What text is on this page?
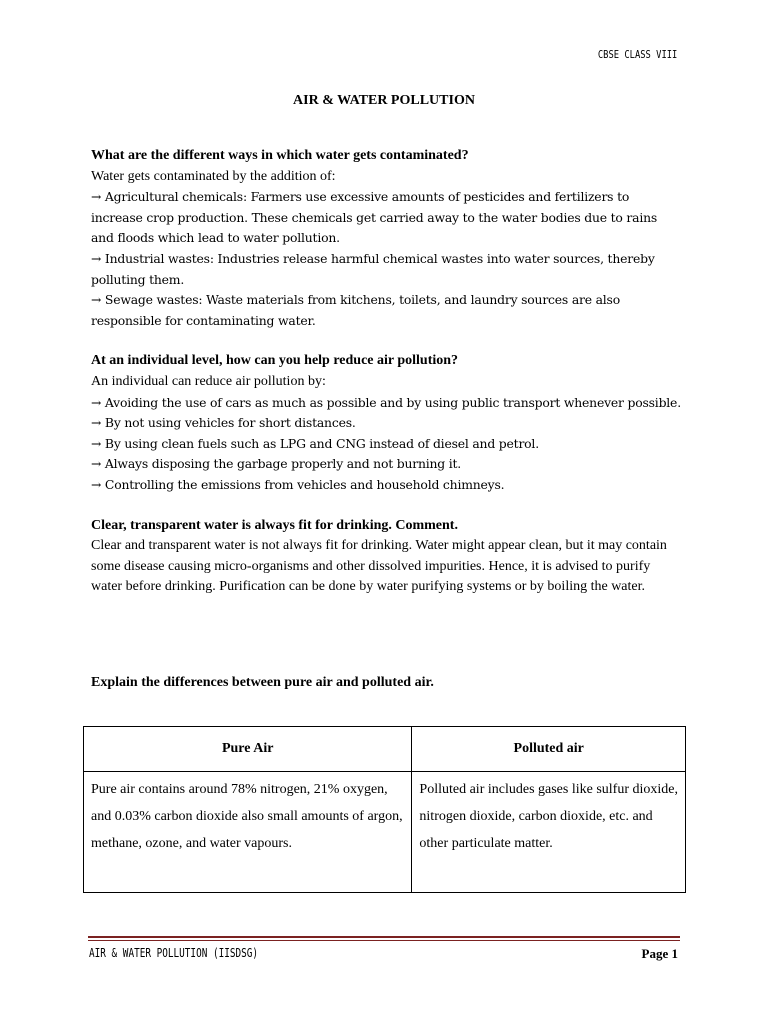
CBSE CLASS VIII
AIR & WATER POLLUTION

What are the different ways in which water gets contaminated?

Water gets contaminated by the addition of:

→ Agricultural chemicals: Farmers use excessive amounts of pesticides and fertilizers to increase crop production. These chemicals get carried away to the water bodies due to rains and floods which lead to water pollution.

→ Industrial wastes: Industries release harmful chemical wastes into water sources, thereby polluting them.

→ Sewage wastes: Waste materials from kitchens, toilets, and laundry sources are also responsible for contaminating water.

At an individual level, how can you help reduce air pollution?

An individual can reduce air pollution by:

→ Avoiding the use of cars as much as possible and by using public transport whenever possible.

→ By not using vehicles for short distances.

→ By using clean fuels such as LPG and CNG instead of diesel and petrol.

→ Always disposing the garbage properly and not burning it.

→ Controlling the emissions from vehicles and household chimneys.

Clear, transparent water is always fit for drinking. Comment.

Clear and transparent water is not always fit for drinking. Water might appear clean, but it may contain some disease causing micro-organisms and other dissolved impurities. Hence, it is advised to purify water before drinking. Purification can be done by water purifying systems or by boiling the water.

Explain the differences between pure air and polluted air.
Pure Air	Polluted air
Pure air contains around 78% nitrogen, 21% oxygen, and 0.03% carbon dioxide also small amounts of argon, methane, ozone, and water vapours.	Polluted air includes gases like sulfur dioxide, nitrogen dioxide, carbon dioxide, etc. and other particulate matter.
AIR & WATER POLLUTION (IISDSG)	Page 1
